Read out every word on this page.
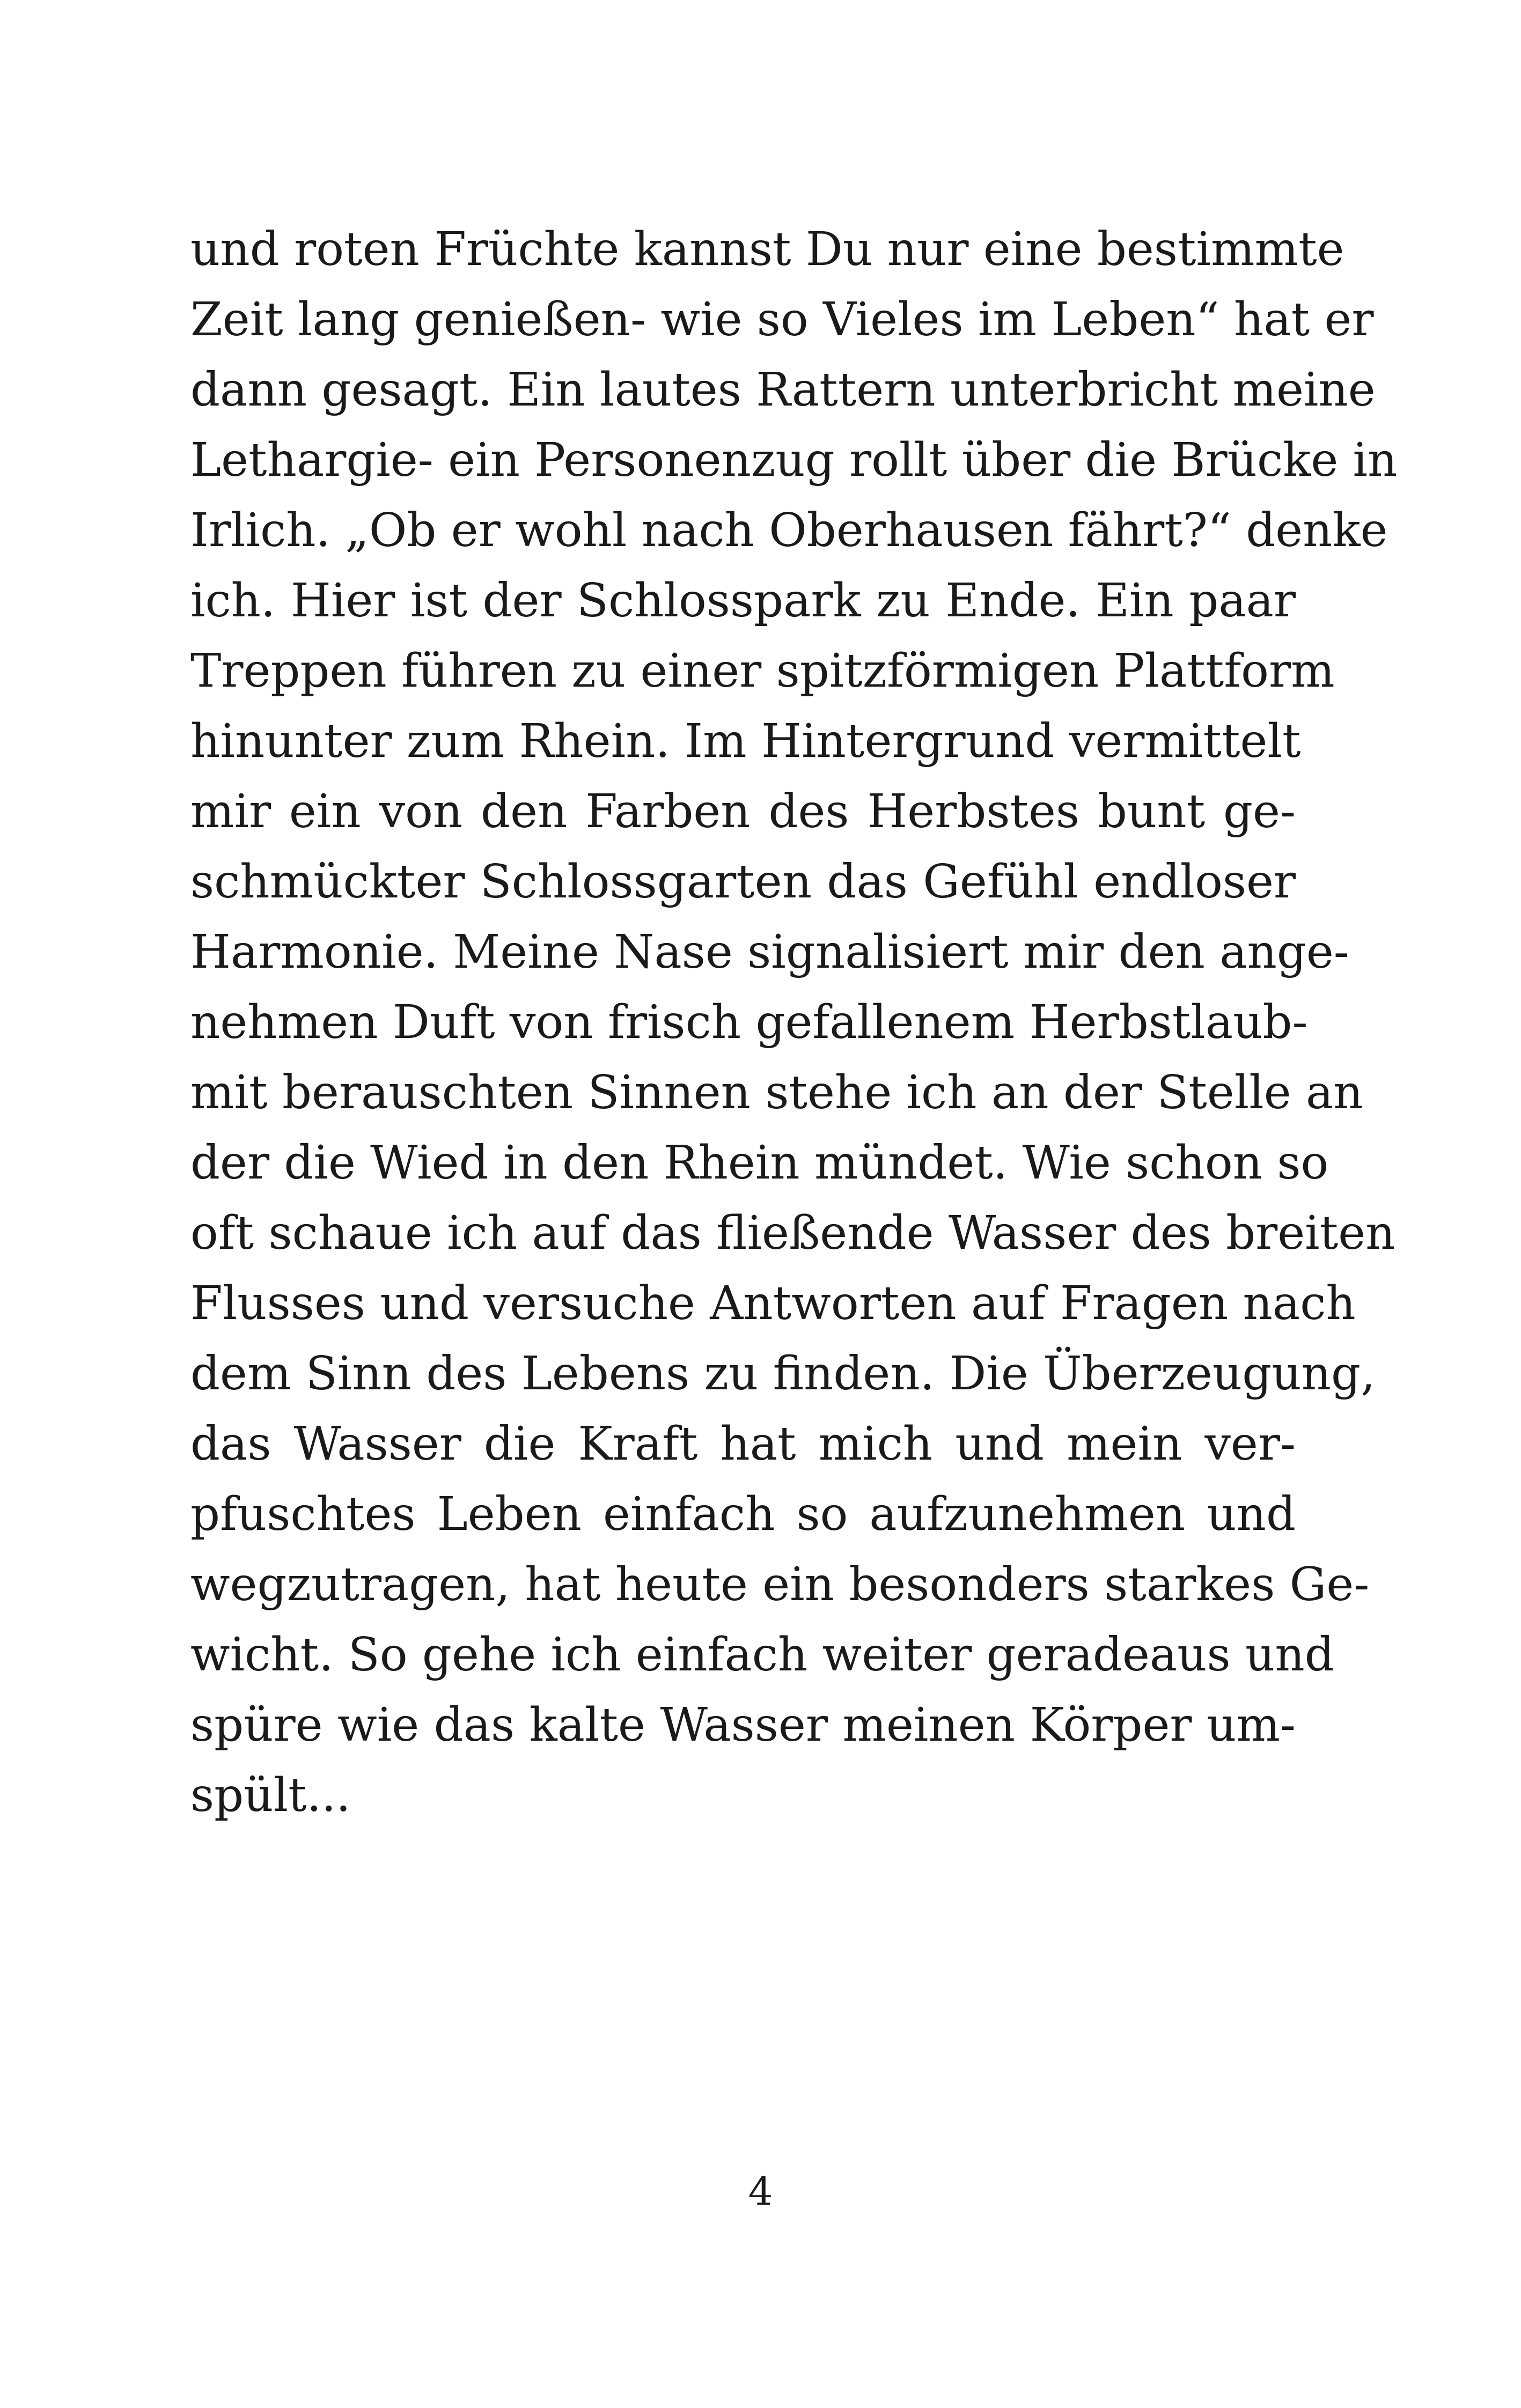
und roten Früchte kannst Du nur eine bestimmte
Zeit lang genießen- wie so Vieles im Leben“ hat er
dann gesagt. Ein lautes Rattern unterbricht meine
Lethargie- ein Personenzug rollt über die Brücke in
Irlich. „Ob er wohl nach Oberhausen fährt?“ denke
ich. Hier ist der Schlosspark zu Ende. Ein paar
Treppen führen zu einer spitzförmigen Plattform
hinunter zum Rhein. Im Hintergrund vermittelt
mir ein von den Farben des Herbstes bunt ge-
schmückter Schlossgarten das Gefühl endloser
Harmonie. Meine Nase signalisiert mir den ange-
nehmen Duft von frisch gefallenem Herbstlaub-
mit berauschten Sinnen stehe ich an der Stelle an
der die Wied in den Rhein mündet. Wie schon so
oft schaue ich auf das fließende Wasser des breiten
Flusses und versuche Antworten auf Fragen nach
dem Sinn des Lebens zu finden. Die Überzeugung,
das Wasser die Kraft hat mich und mein ver-
pfuschtes Leben einfach so aufzunehmen und
wegzutragen, hat heute ein besonders starkes Ge-
wicht. So gehe ich einfach weiter geradeaus und
spüre wie das kalte Wasser meinen Körper um-
spült...
4
